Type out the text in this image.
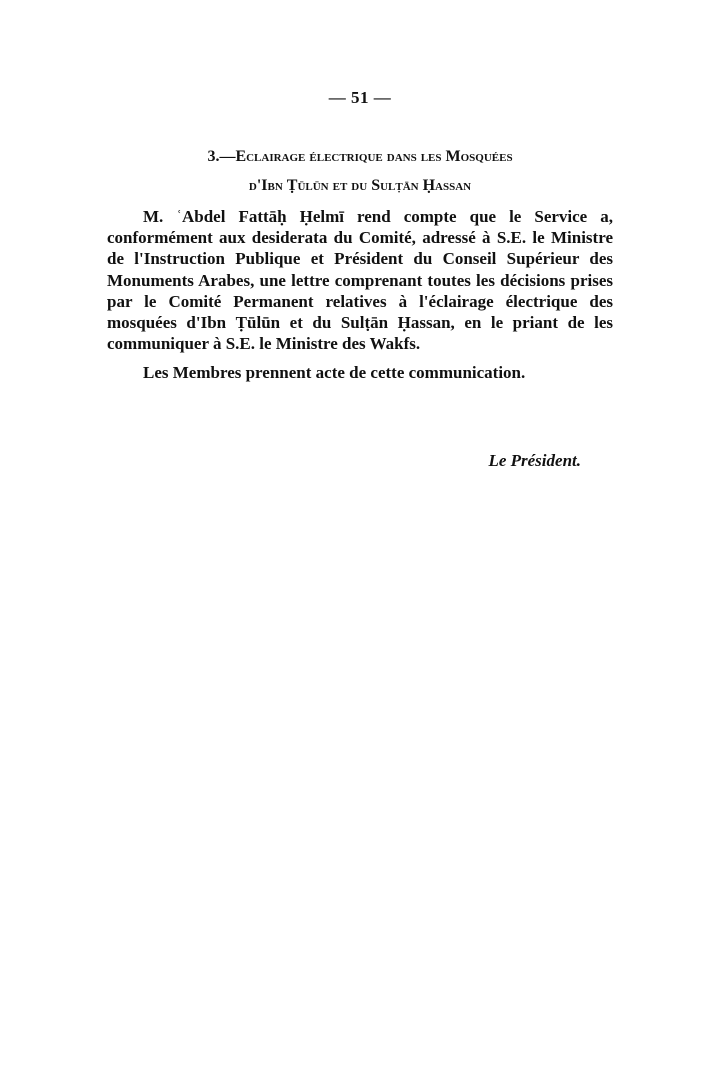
— 51 —
3.—Eclairage électrique dans les Mosquées
d'Ibn Ṭūlūn et du Sulṭān Ḥassan

M. ʿAbdel Fattāḥ Ḥelmī rend compte que le Service a, conformément aux desiderata du Comité, adressé à S.E. le Ministre de l'Instruction Publique et Président du Conseil Supérieur des Monuments Arabes, une lettre comprenant toutes les décisions prises par le Comité Permanent relatives à l'éclairage électrique des mosquées d'Ibn Ṭūlūn et du Sulṭān Ḥassan, en le priant de les communiquer à S.E. le Ministre des Wakfs.

Les Membres prennent acte de cette communication.

Le Président.
